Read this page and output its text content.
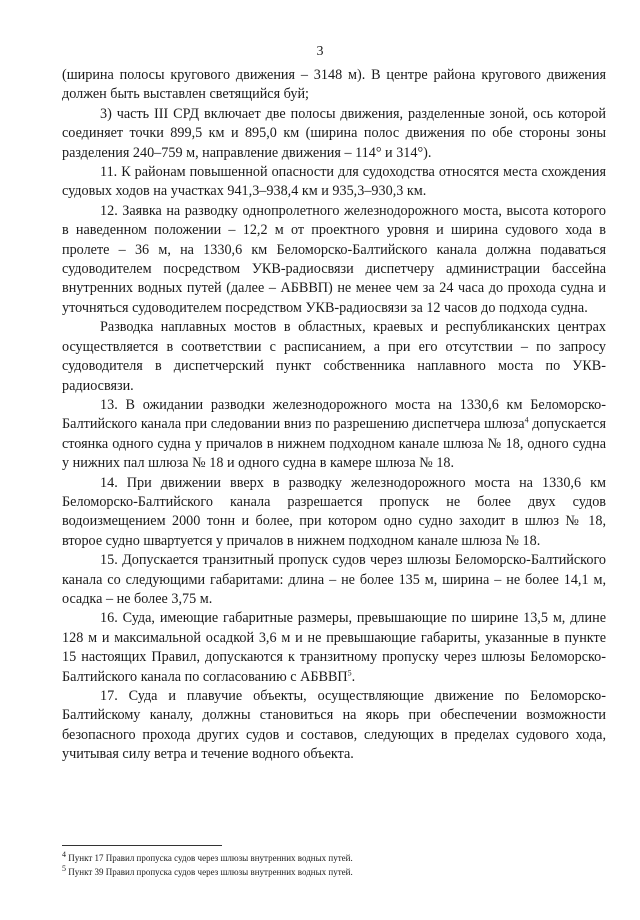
3

(ширина полосы кругового движения – 3148 м). В центре района кругового движения должен быть выставлен светящийся буй;

3) часть III СРД включает две полосы движения, разделенные зоной, ось которой соединяет точки 899,5 км и 895,0 км (ширина полос движения по обе стороны зоны разделения 240–759 м, направление движения – 114° и 314°).

11. К районам повышенной опасности для судоходства относятся места схождения судовых ходов на участках 941,3–938,4 км и 935,3–930,3 км.

12. Заявка на разводку однопролетного железнодорожного моста, высота которого в наведенном положении – 12,2 м от проектного уровня и ширина судового хода в пролете – 36 м, на 1330,6 км Беломорско-Балтийского канала должна подаваться судоводителем посредством УКВ-радиосвязи диспетчеру администрации бассейна внутренних водных путей (далее – АБВВП) не менее чем за 24 часа до прохода судна и уточняться судоводителем посредством УКВ-радиосвязи за 12 часов до подхода судна.

Разводка наплавных мостов в областных, краевых и республиканских центрах осуществляется в соответствии с расписанием, а при его отсутствии – по запросу судоводителя в диспетчерский пункт собственника наплавного моста по УКВ-радиосвязи.

13. В ожидании разводки железнодорожного моста на 1330,6 км Беломорско-Балтийского канала при следовании вниз по разрешению диспетчера шлюза$^4$ допускается стоянка одного судна у причалов в нижнем подходном канале шлюза № 18, одного судна у нижних пал шлюза № 18 и одного судна в камере шлюза № 18.

14. При движении вверх в разводку железнодорожного моста на 1330,6 км Беломорско-Балтийского канала разрешается пропуск не более двух судов водоизмещением 2000 тонн и более, при котором одно судно заходит в шлюз № 18, второе судно швартуется у причалов в нижнем подходном канале шлюза № 18.

15. Допускается транзитный пропуск судов через шлюзы Беломорско-Балтийского канала со следующими габаритами: длина – не более 135 м, ширина – не более 14,1 м, осадка – не более 3,75 м.

16. Суда, имеющие габаритные размеры, превышающие по ширине 13,5 м, длине 128 м и максимальной осадкой 3,6 м и не превышающие габариты, указанные в пункте 15 настоящих Правил, допускаются к транзитному пропуску через шлюзы Беломорско-Балтийского канала по согласованию с АБВВП$^5$.

17. Суда и плавучие объекты, осуществляющие движение по Беломорско-Балтийскому каналу, должны становиться на якорь при обеспечении возможности безопасного прохода других судов и составов, следующих в пределах судового хода, учитывая силу ветра и течение водного объекта.

$^4$ Пункт 17 Правил пропуска судов через шлюзы внутренних водных путей.

$^5$ Пункт 39 Правил пропуска судов через шлюзы внутренних водных путей.
